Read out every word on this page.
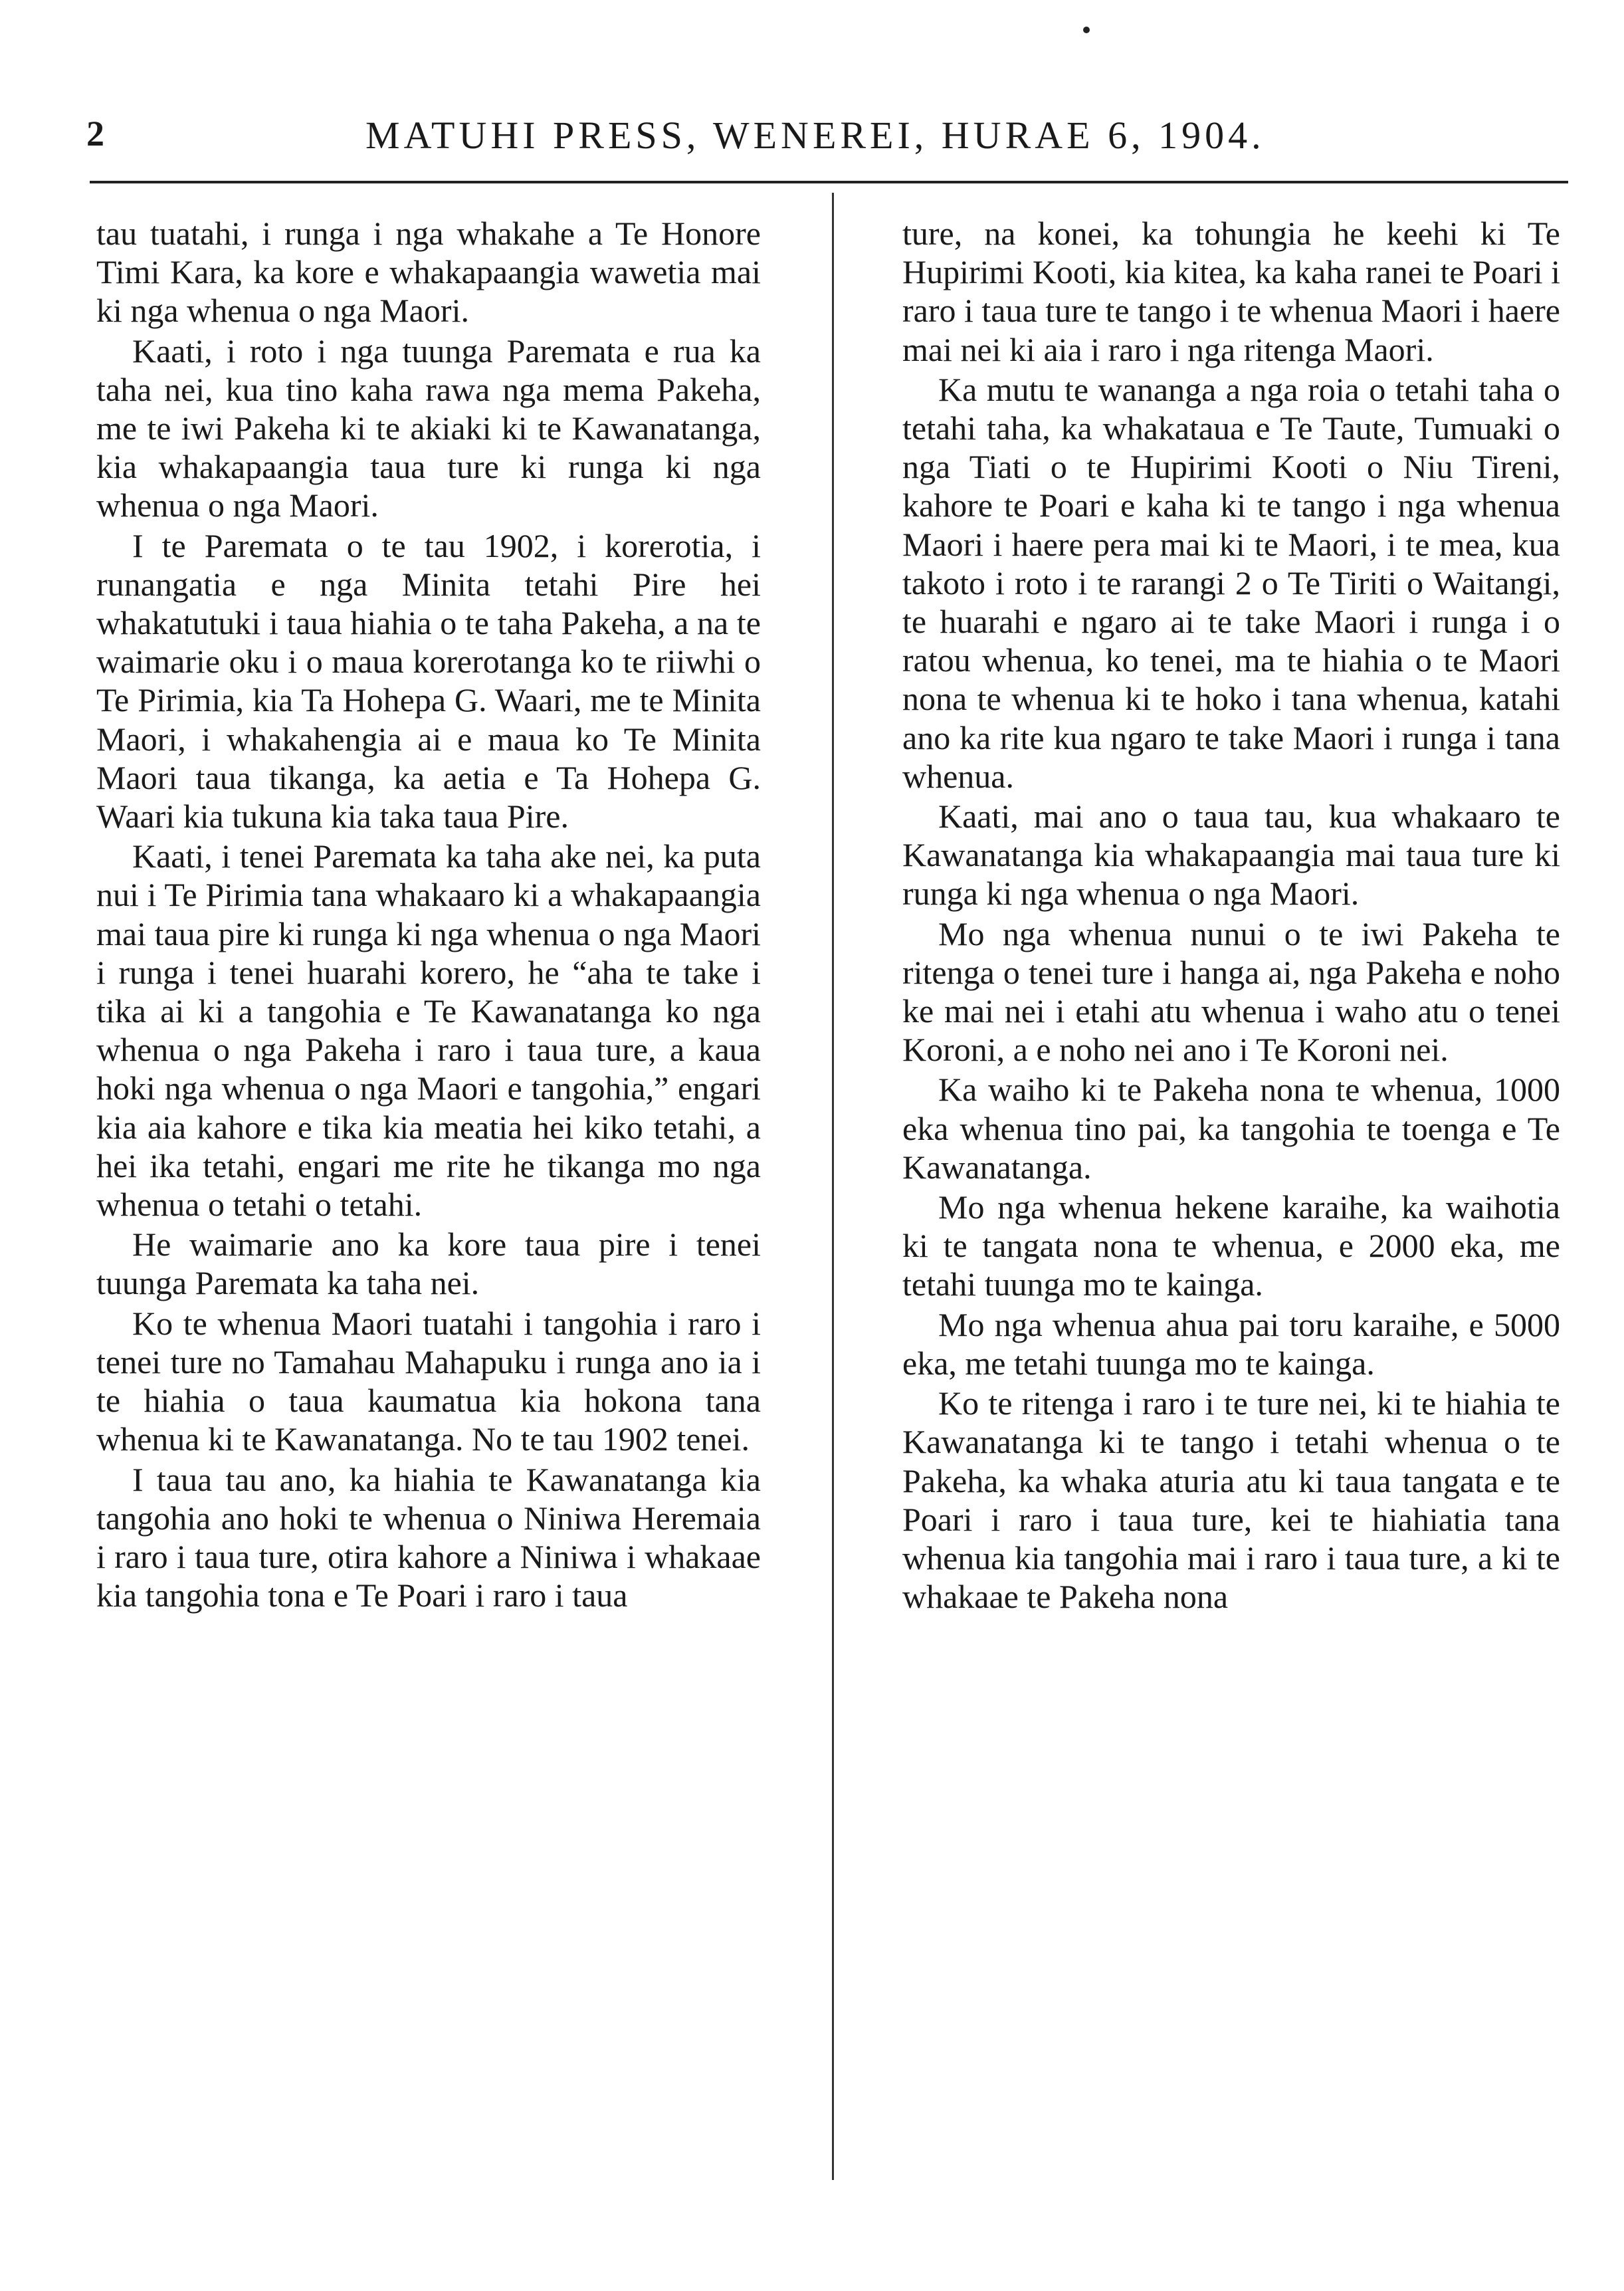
2	MATUHI PRESS, WENEREI, HURAE 6, 1904.

tau tuatahi, i runga i nga whakahe a Te Honore Timi Kara, ka kore e whakapaangia wawetia mai ki nga whenua o nga Maori.

Kaati, i roto i nga tuunga Paremata e rua ka taha nei, kua tino kaha rawa nga mema Pakeha, me te iwi Pakeha ki te akiaki ki te Kawanatanga, kia whakapaangia taua ture ki runga ki nga whenua o nga Maori.

I te Paremata o te tau 1902, i korerotia, i runangatia e nga Minita tetahi Pire hei whakatutuki i taua hiahia o te taha Pakeha, a na te waimarie oku i o maua korerotanga ko te riiwhi o Te Pirimia, kia Ta Hohepa G. Waari, me te Minita Maori, i whakahengia ai e maua ko Te Minita Maori taua tikanga, ka aetia e Ta Hohepa G. Waari kia tukuna kia taka taua Pire.

Kaati, i tenei Paremata ka taha ake nei, ka puta nui i Te Pirimia tana whakaaro ki a whakapaangia mai taua pire ki runga ki nga whenua o nga Maori i runga i tenei huarahi korero, he “aha te take i tika ai ki a tangohia e Te Kawanatanga ko nga whenua o nga Pakeha i raro i taua ture, a kaua hoki nga whenua o nga Maori e tangohia,” engari kia aia kahore e tika kia meatia hei kiko tetahi, a hei ika tetahi, engari me rite he tikanga mo nga whenua o tetahi o tetahi.

He waimarie ano ka kore taua pire i tenei tuunga Paremata ka taha nei.

Ko te whenua Maori tuatahi i tangohia i raro i tenei ture no Tamahau Mahapuku i runga ano ia i te hiahia o taua kaumatua kia hokona tana whenua ki te Kawanatanga. No te tau 1902 tenei.

I taua tau ano, ka hiahia te Kawanatanga kia tangohia ano hoki te whenua o Niniwa Heremaia i raro i taua ture, otira kahore a Niniwa i whakaae kia tangohia tona e Te Poari i raro i taua

ture, na konei, ka tohungia he keehi ki Te Hupirimi Kooti, kia kitea, ka kaha ranei te Poari i raro i taua ture te tango i te whenua Maori i haere mai nei ki aia i raro i nga ritenga Maori.

Ka mutu te wananga a nga roia o tetahi taha o tetahi taha, ka whakataua e Te Taute, Tumuaki o nga Tiati o te Hupirimi Kooti o Niu Tireni, kahore te Poari e kaha ki te tango i nga whenua Maori i haere pera mai ki te Maori, i te mea, kua takoto i roto i te rarangi 2 o Te Tiriti o Waitangi, te huarahi e ngaro ai te take Maori i runga i o ratou whenua, ko tenei, ma te hiahia o te Maori nona te whenua ki te hoko i tana whenua, katahi ano ka rite kua ngaro te take Maori i runga i tana whenua.

Kaati, mai ano o taua tau, kua whakaaro te Kawanatanga kia whakapaangia mai taua ture ki runga ki nga whenua o nga Maori.

Mo nga whenua nunui o te iwi Pakeha te ritenga o tenei ture i hanga ai, nga Pakeha e noho ke mai nei i etahi atu whenua i waho atu o tenei Koroni, a e noho nei ano i Te Koroni nei.

Ka waiho ki te Pakeha nona te whenua, 1000 eka whenua tino pai, ka tangohia te toenga e Te Kawanatanga.

Mo nga whenua hekene karaihe, ka waihotia ki te tangata nona te whenua, e 2000 eka, me tetahi tuunga mo te kainga.

Mo nga whenua ahua pai toru karaihe, e 5000 eka, me tetahi tuunga mo te kainga.

Ko te ritenga i raro i te ture nei, ki te hiahia te Kawanatanga ki te tango i tetahi whenua o te Pakeha, ka whaka aturia atu ki taua tangata e te Poari i raro i taua ture, kei te hiahiatia tana whenua kia tangohia mai i raro i taua ture, a ki te whakaae te Pakeha nona
